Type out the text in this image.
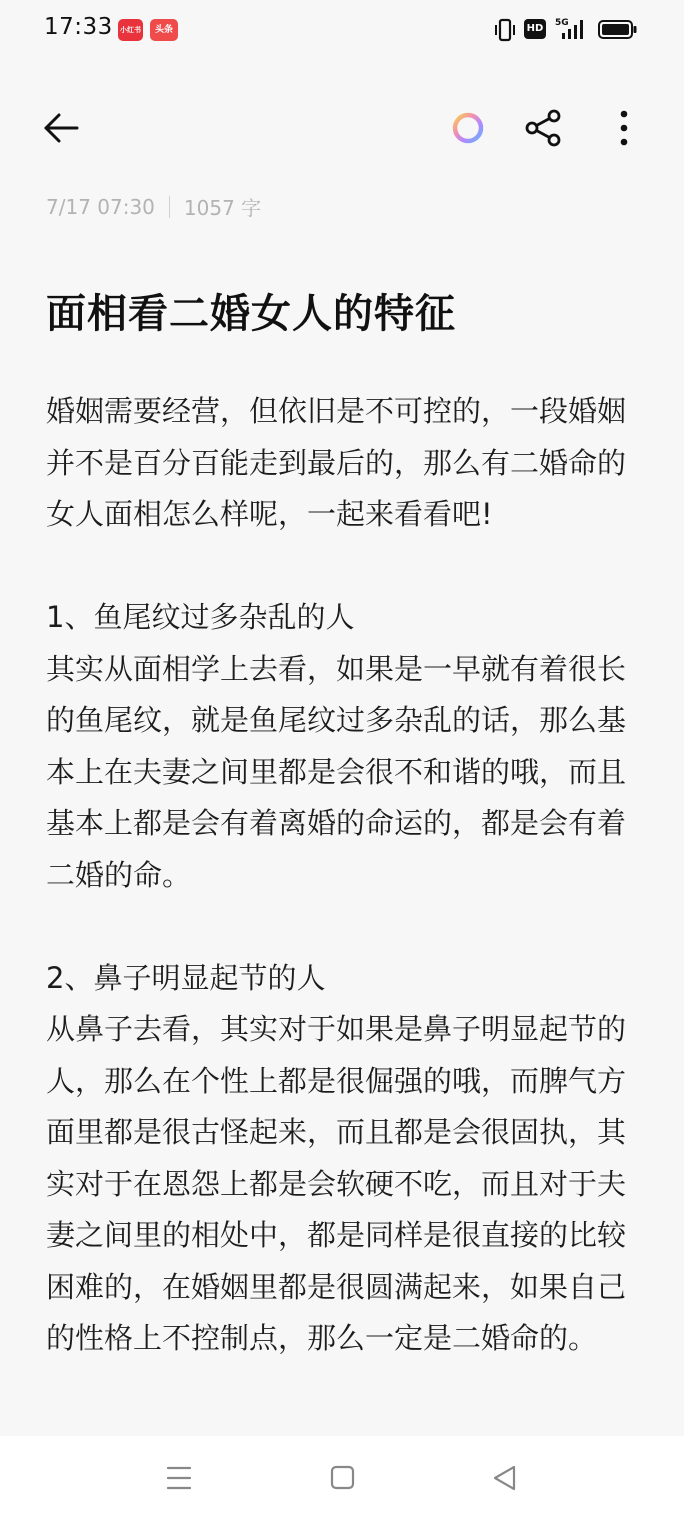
17:33 小红书	头条	HD 5G
7/17 07:30 1057 字
面相看二婚女人的特征

婚姻需要经营，但依旧是不可控的，一段婚姻并不是百分百能走到最后的，那么有二婚命的女人面相怎么样呢，一起来看看吧!

1、鱼尾纹过多杂乱的人

其实从面相学上去看，如果是一早就有着很长的鱼尾纹，就是鱼尾纹过多杂乱的话，那么基本上在夫妻之间里都是会很不和谐的哦，而且基本上都是会有着离婚的命运的，都是会有着二婚的命。

2、鼻子明显起节的人

从鼻子去看，其实对于如果是鼻子明显起节的人，那么在个性上都是很倔强的哦，而脾气方面里都是很古怪起来，而且都是会很固执，其实对于在恩怨上都是会软硬不吃，而且对于夫妻之间里的相处中，都是同样是很直接的比较困难的，在婚姻里都是很圆满起来，如果自己的性格上不控制点，那么一定是二婚命的。
